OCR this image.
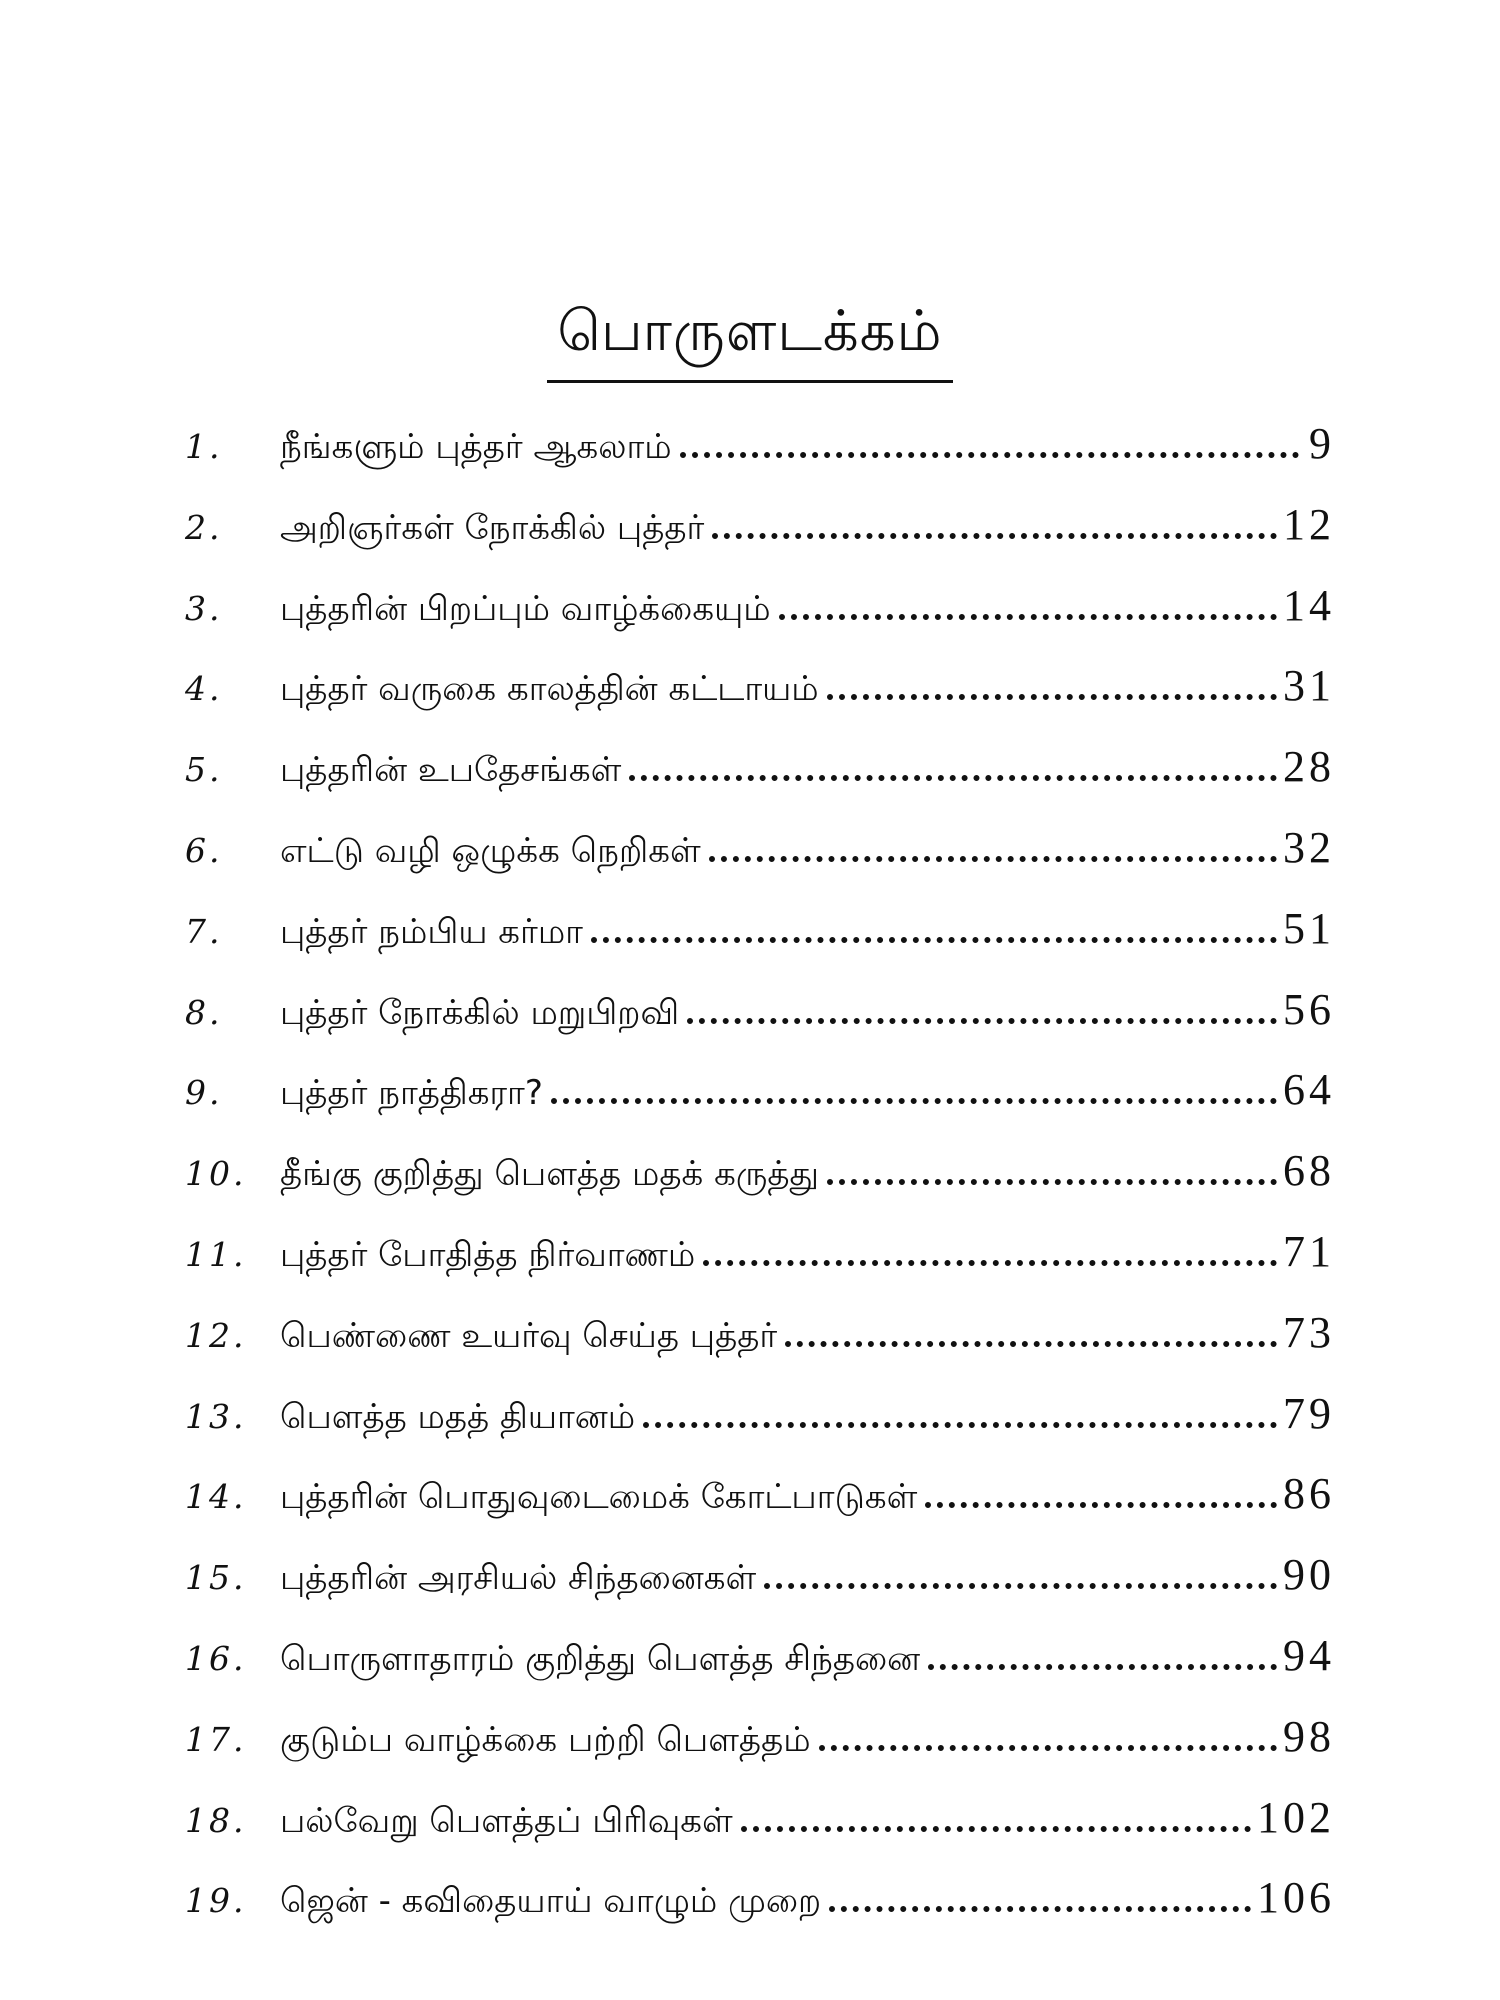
பொருளடக்கம்
1.	நீங்களும் புத்தர் ஆகலாம்	9
2.	அறிஞர்கள் நோக்கில் புத்தர்	12
3.	புத்தரின் பிறப்பும் வாழ்க்கையும்	14
4.	புத்தர் வருகை காலத்தின் கட்டாயம்	31
5.	புத்தரின் உபதேசங்கள்	28
6.	எட்டு வழி ஒழுக்க நெறிகள்	32
7.	புத்தர் நம்பிய கர்மா	51
8.	புத்தர் நோக்கில் மறுபிறவி	56
9.	புத்தர் நாத்திகரா?	64
10. தீங்கு குறித்து பௌத்த மதக் கருத்து	68
11. புத்தர் போதித்த நிர்வாணம்	71
12. பெண்ணை உயர்வு செய்த புத்தர்	73
13. பௌத்த மதத் தியானம்	79
14. புத்தரின் பொதுவுடைமைக் கோட்பாடுகள்	86
15. புத்தரின் அரசியல் சிந்தனைகள்	90
16. பொருளாதாரம் குறித்து பௌத்த சிந்தனை	94
17. குடும்ப வாழ்க்கை பற்றி பௌத்தம்	98
18. பல்வேறு பௌத்தப் பிரிவுகள்	102
19. ஜென் - கவிதையாய் வாழும் முறை	106
